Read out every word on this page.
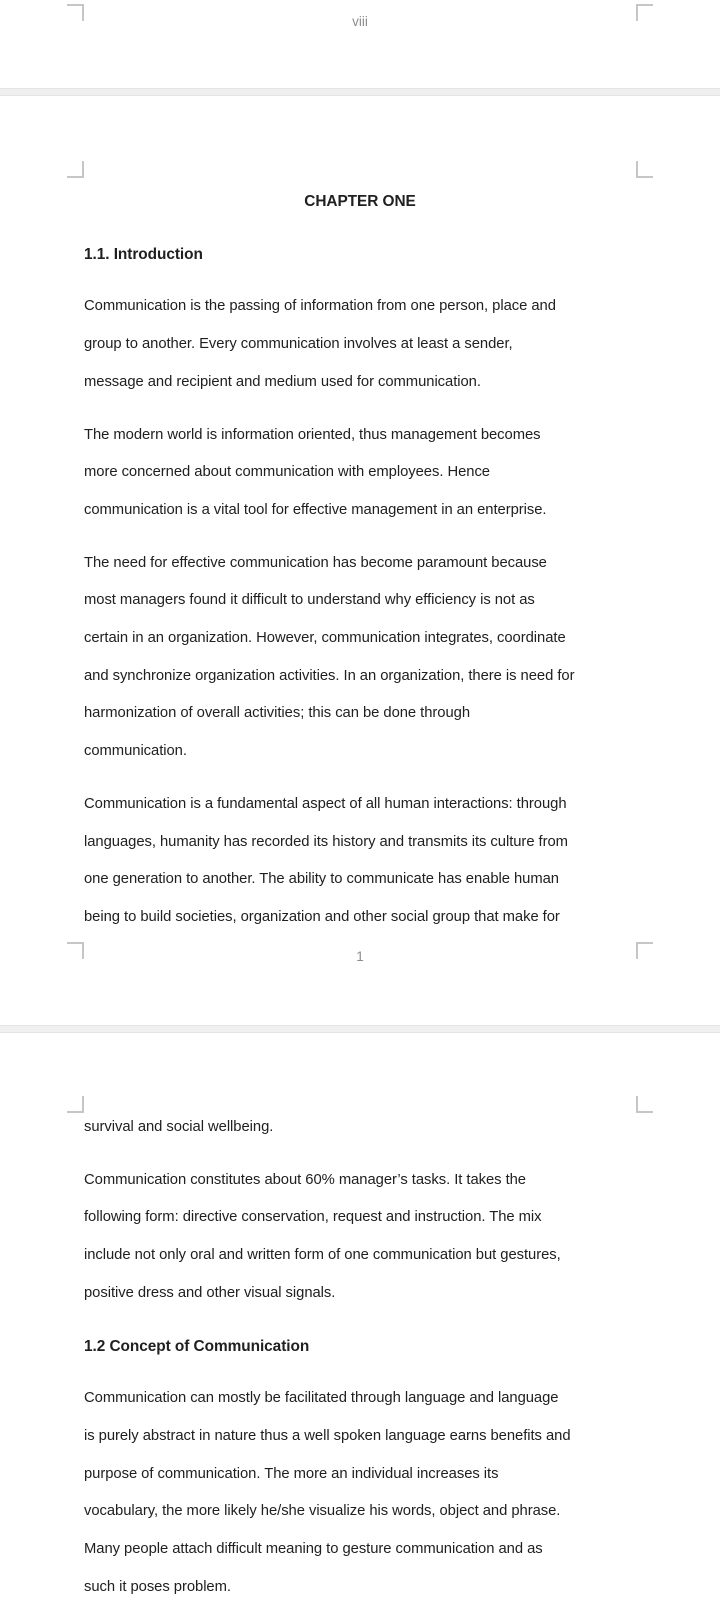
viii
CHAPTER ONE
1.1. Introduction
Communication is the passing of information from one person, place and
group to another. Every communication involves at least a sender,
message and recipient and medium used for communication.
The modern world is information oriented, thus management becomes
more concerned about communication with employees. Hence
communication is a vital tool for effective management in an enterprise.
The need for effective communication has become paramount because
most managers found it difficult to understand why efficiency is not as
certain in an organization. However, communication integrates, coordinate
and synchronize organization activities. In an organization, there is need for
harmonization of overall activities; this can be done through
communication.
Communication is a fundamental aspect of all human interactions: through
languages, humanity has recorded its history and transmits its culture from
one generation to another. The ability to communicate has enable human
being to build societies, organization and other social group that make for
1
survival and social wellbeing.
Communication constitutes about 60% manager’s tasks. It takes the
following form: directive conservation, request and instruction. The mix
include not only oral and written form of one communication but gestures,
positive dress and other visual signals.
1.2 Concept of Communication
Communication can mostly be facilitated through language and language
is purely abstract in nature thus a well spoken language earns benefits and
purpose of communication. The more an individual increases its
vocabulary, the more likely he/she visualize his words, object and phrase.
Many people attach difficult meaning to gesture communication and as
such it poses problem.
